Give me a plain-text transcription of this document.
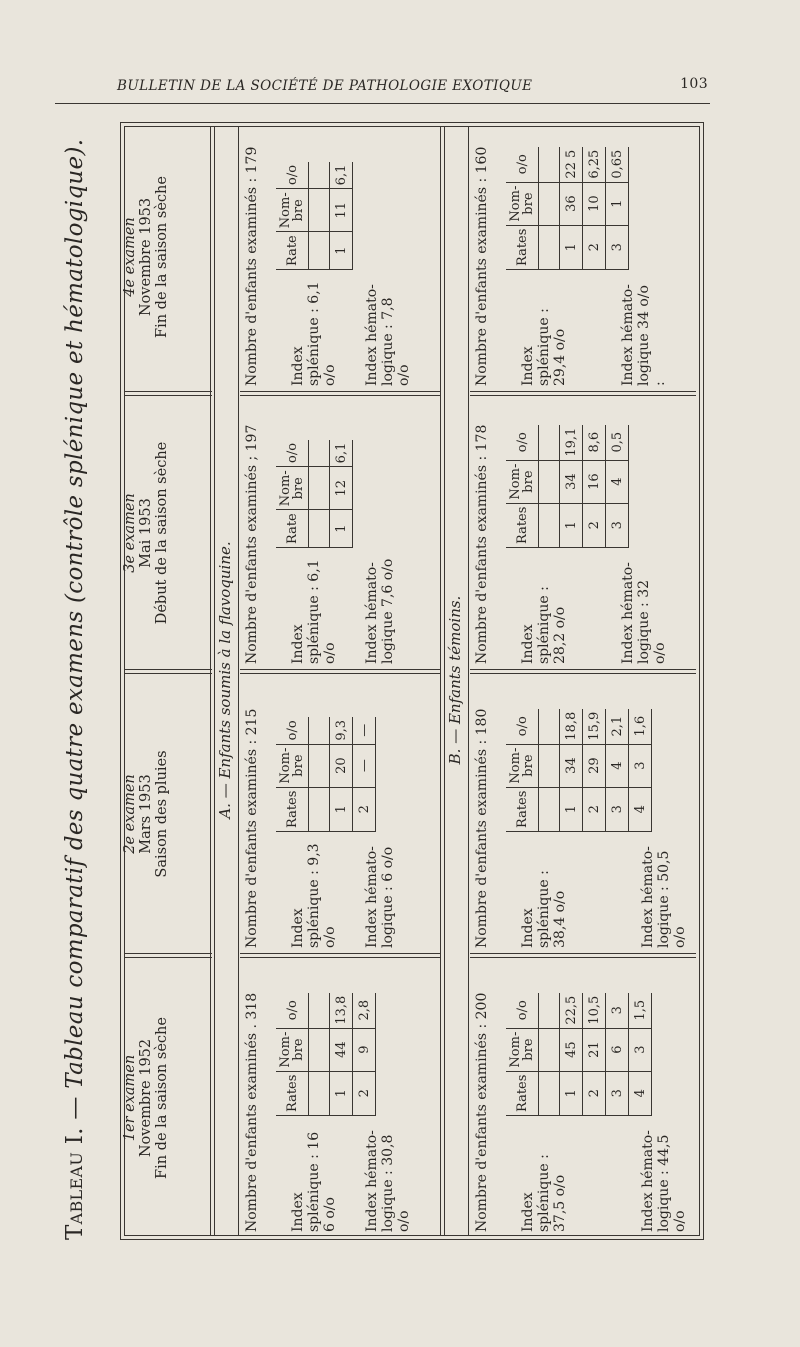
BULLETIN DE LA SOCIÉTÉ DE PATHOLOGIE EXOTIQUE	103
Tableau I. — Tableau comparatif des quatre examens (contrôle splénique et hématologique).
1er examen Novembre 1952 Fin de la saison sèche
2e examen Mars 1953 Saison des pluies
3e examen Mai 1953 Début de la saison sèche
4e examen Novembre 1953 Fin de la saison sèche
A. — Enfants soumis à la flavoquine.
Nombre d'enfants examinés . 318 Index splénique : 16 6 o/o Index hémato-logique : 30,8 o/o
Rates	Nom-bre	o/o

1	44	13,8
2	9	2,8
Nombre d'enfants examinés : 215 Index splénique : 9,3 o/o Index hémato-logique : 6 o/o
Rates	Nom-bre	o/o

1	20	9,3
2	—	—
Nombre d'enfants examinés ; 197 Index splénique : 6,1 o/o Index hémato-logique 7,6 o/o
Rate	Nom-bre	o/o

1	12	6,1
Nombre d'enfants examinés : 179 Index splénique : 6,1 o/o Index hémato-logique : 7,8 o/o
Rate	Nom-bre	o/o

1	11	6,1
B. — Enfants témoins.
Nombre d'enfants examinés : 200 Index splénique : 37,5 o/o	Index hémato-logique : 44,5 o/o
Rates	Nom-bre	o/o

1	45	22,5
2	21	10,5
3	6	3
4	3	1,5
Nombre d'enfants examinés : 180 Index splénique : 38,4 o/o	Index hémato-logique : 50,5 o/o
Rates	Nom-bre	o/o

1	34	18,8
2	29	15,9
3	4	2,1
4	3	1,6
Nombre d'enfants examinés : 178 Index splénique : 28,2 o/o	Index hémato-logique : 32 o/o
Rates	Nom-bre	o/o

1	34	19,1
2	16	8,6
3	4	0,5
Nombre d'enfants examinés : 160 Index splénique : 29,4 o/o	Index hémato-logique 34 o/o :
Rates	Nom-bre	o/o

1	36	22 5
2	10	6,25
3	1	0,65
